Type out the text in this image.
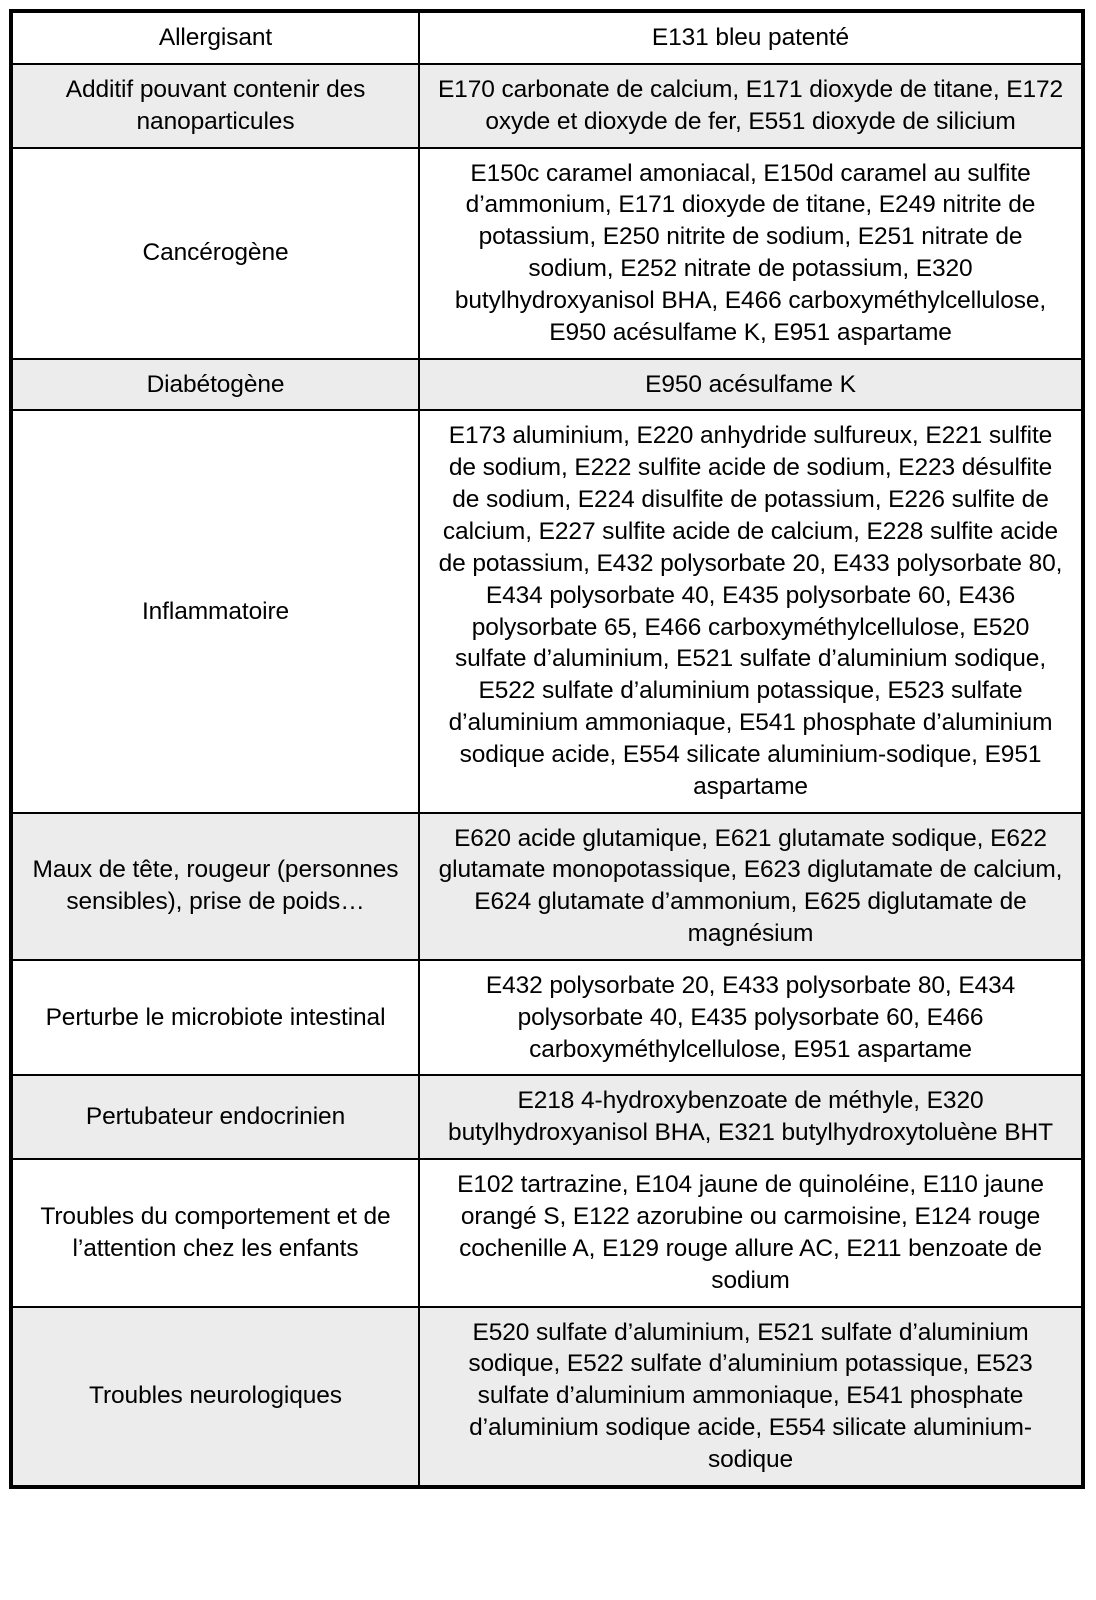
Allergisant	E131 bleu patenté
Additif pouvant contenir des nanoparticules	E170 carbonate de calcium, E171 dioxyde de titane, E172 oxyde et dioxyde de fer, E551 dioxyde de silicium
Cancérogène	E150c caramel amoniacal, E150d caramel au sulfite d’ammonium, E171 dioxyde de titane, E249 nitrite de potassium, E250 nitrite de sodium, E251 nitrate de sodium, E252 nitrate de potassium, E320 butylhydroxyanisol BHA, E466 carboxyméthylcellulose, E950 acésulfame K, E951 aspartame
Diabétogène	E950 acésulfame K
Inflammatoire	E173 aluminium, E220 anhydride sulfureux, E221 sulfite de sodium, E222 sulfite acide de sodium, E223 désulfite de sodium, E224 disulfite de potassium, E226 sulfite de calcium, E227 sulfite acide de calcium, E228 sulfite acide de potassium, E432 polysorbate 20, E433 polysorbate 80, E434 polysorbate 40, E435 polysorbate 60, E436 polysorbate 65, E466 carboxyméthylcellulose, E520 sulfate d’aluminium, E521 sulfate d’aluminium sodique, E522 sulfate d’aluminium potassique, E523 sulfate d’aluminium ammoniaque, E541 phosphate d’aluminium sodique acide, E554 silicate aluminium-sodique, E951 aspartame
Maux de tête, rougeur (personnes sensibles), prise de poids…	E620 acide glutamique, E621 glutamate sodique, E622 glutamate monopotassique, E623 diglutamate de calcium, E624 glutamate d’ammonium, E625 diglutamate de magnésium
Perturbe le microbiote intestinal	E432 polysorbate 20, E433 polysorbate 80, E434 polysorbate 40, E435 polysorbate 60, E466 carboxyméthylcellulose, E951 aspartame
Pertubateur endocrinien	E218 4-hydroxybenzoate de méthyle, E320 butylhydroxyanisol BHA, E321 butylhydroxytoluène BHT
Troubles du comportement et de l’attention chez les enfants	E102 tartrazine, E104 jaune de quinoléine, E110 jaune orangé S, E122 azorubine ou carmoisine, E124 rouge cochenille A, E129 rouge allure AC, E211 benzoate de sodium
Troubles neurologiques	E520 sulfate d’aluminium, E521 sulfate d’aluminium sodique, E522 sulfate d’aluminium potassique, E523 sulfate d’aluminium ammoniaque, E541 phosphate d’aluminium sodique acide, E554 silicate aluminium-sodique
